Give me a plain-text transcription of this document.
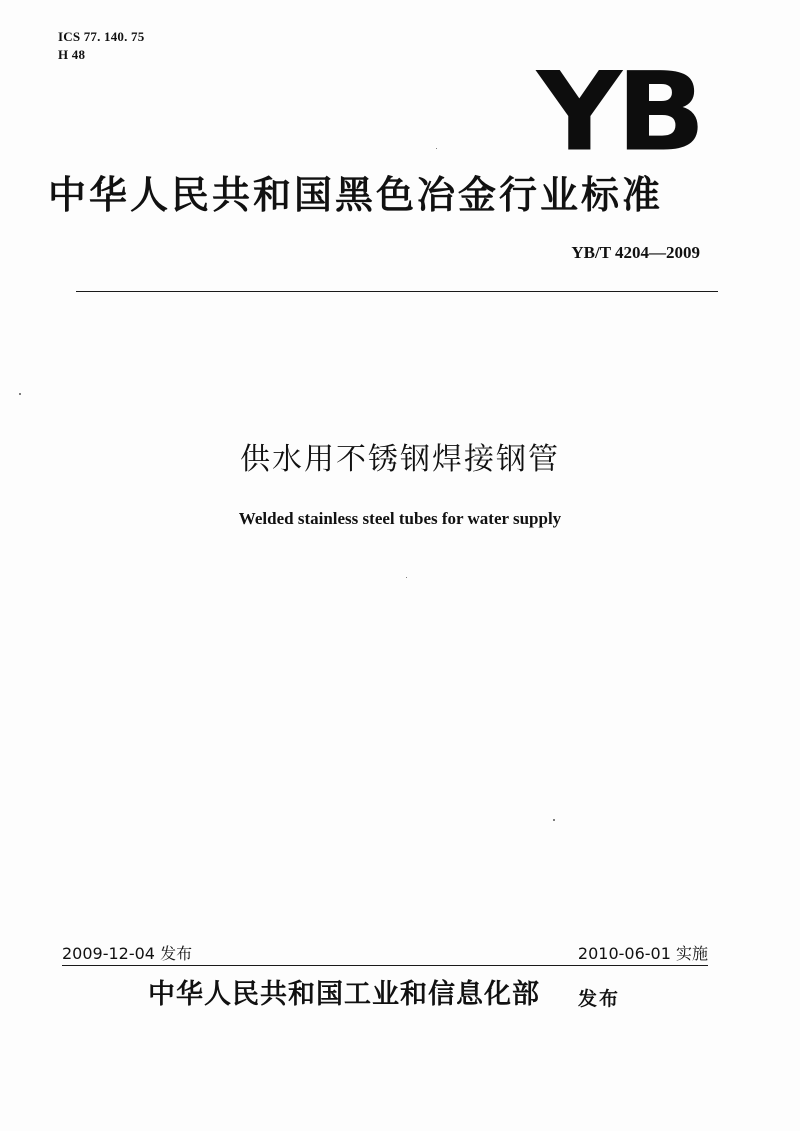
ICS 77. 140. 75
H 48	YB
中华人民共和国黑色冶金行业标准
YB/T 4204—2009
供水用不锈钢焊接钢管
Welded stainless steel tubes for water supply
2009-12-04 发布	2010-06-01 实施
中华人民共和国工业和信息化部 发布
